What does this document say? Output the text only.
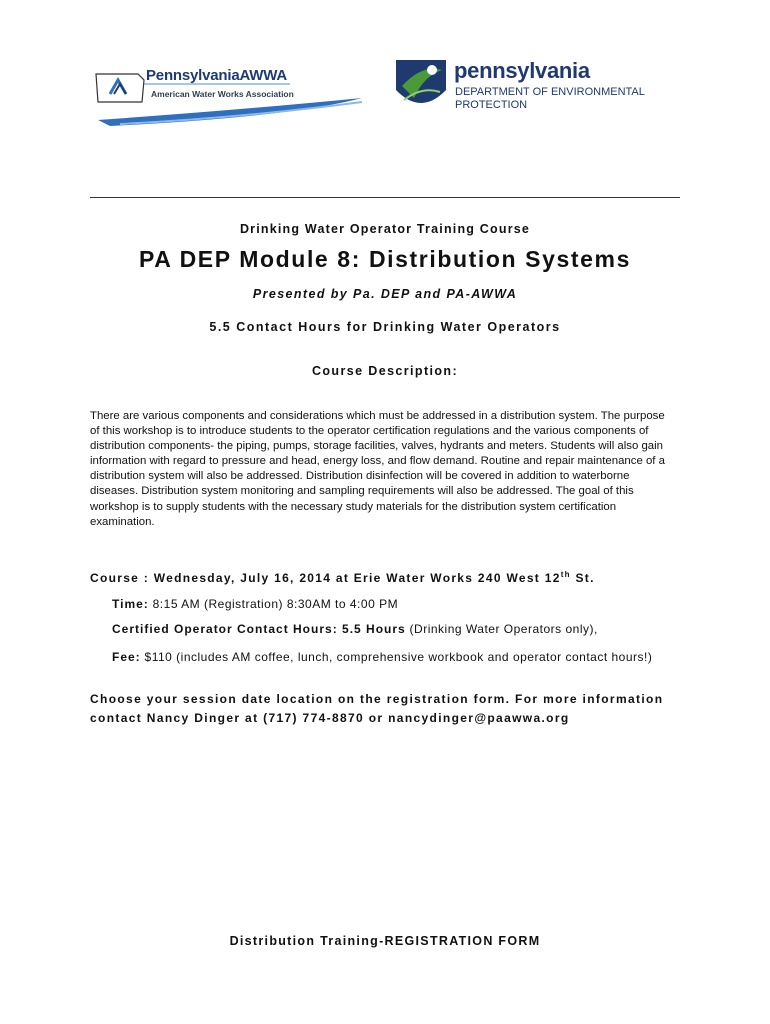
PennsylvaniaAWWA
American Water Works Association
pennsylvania
DEPARTMENT OF ENVIRONMENTAL PROTECTION
Drinking Water Operator Training Course
PA DEP Module 8: Distribution Systems
Presented by Pa. DEP and PA-AWWA
5.5 Contact Hours for Drinking Water Operators
Course Description:
There are various components and considerations which must be addressed in a distribution system. The purpose of this workshop is to introduce students to the operator certification regulations and the various components of distribution components- the piping, pumps, storage facilities, valves, hydrants and meters. Students will also gain information with regard to pressure and head, energy loss, and flow demand. Routine and repair maintenance of a distribution system will also be addressed. Distribution disinfection will be covered in addition to waterborne diseases. Distribution system monitoring and sampling requirements will also be addressed. The goal of this workshop is to supply students with the necessary study materials for the distribution system certification examination.
Course : Wednesday, July 16, 2014 at Erie Water Works 240 West 12th St.
Time: 8:15 AM (Registration) 8:30AM to 4:00 PM
Certified Operator Contact Hours: 5.5 Hours (Drinking Water Operators only),
Fee: $110 (includes AM coffee, lunch, comprehensive workbook and operator contact hours!)
Choose your session date location on the registration form. For more information contact Nancy Dinger at (717) 774-8870 or nancydinger@paawwa.org
Distribution Training-REGISTRATION FORM
